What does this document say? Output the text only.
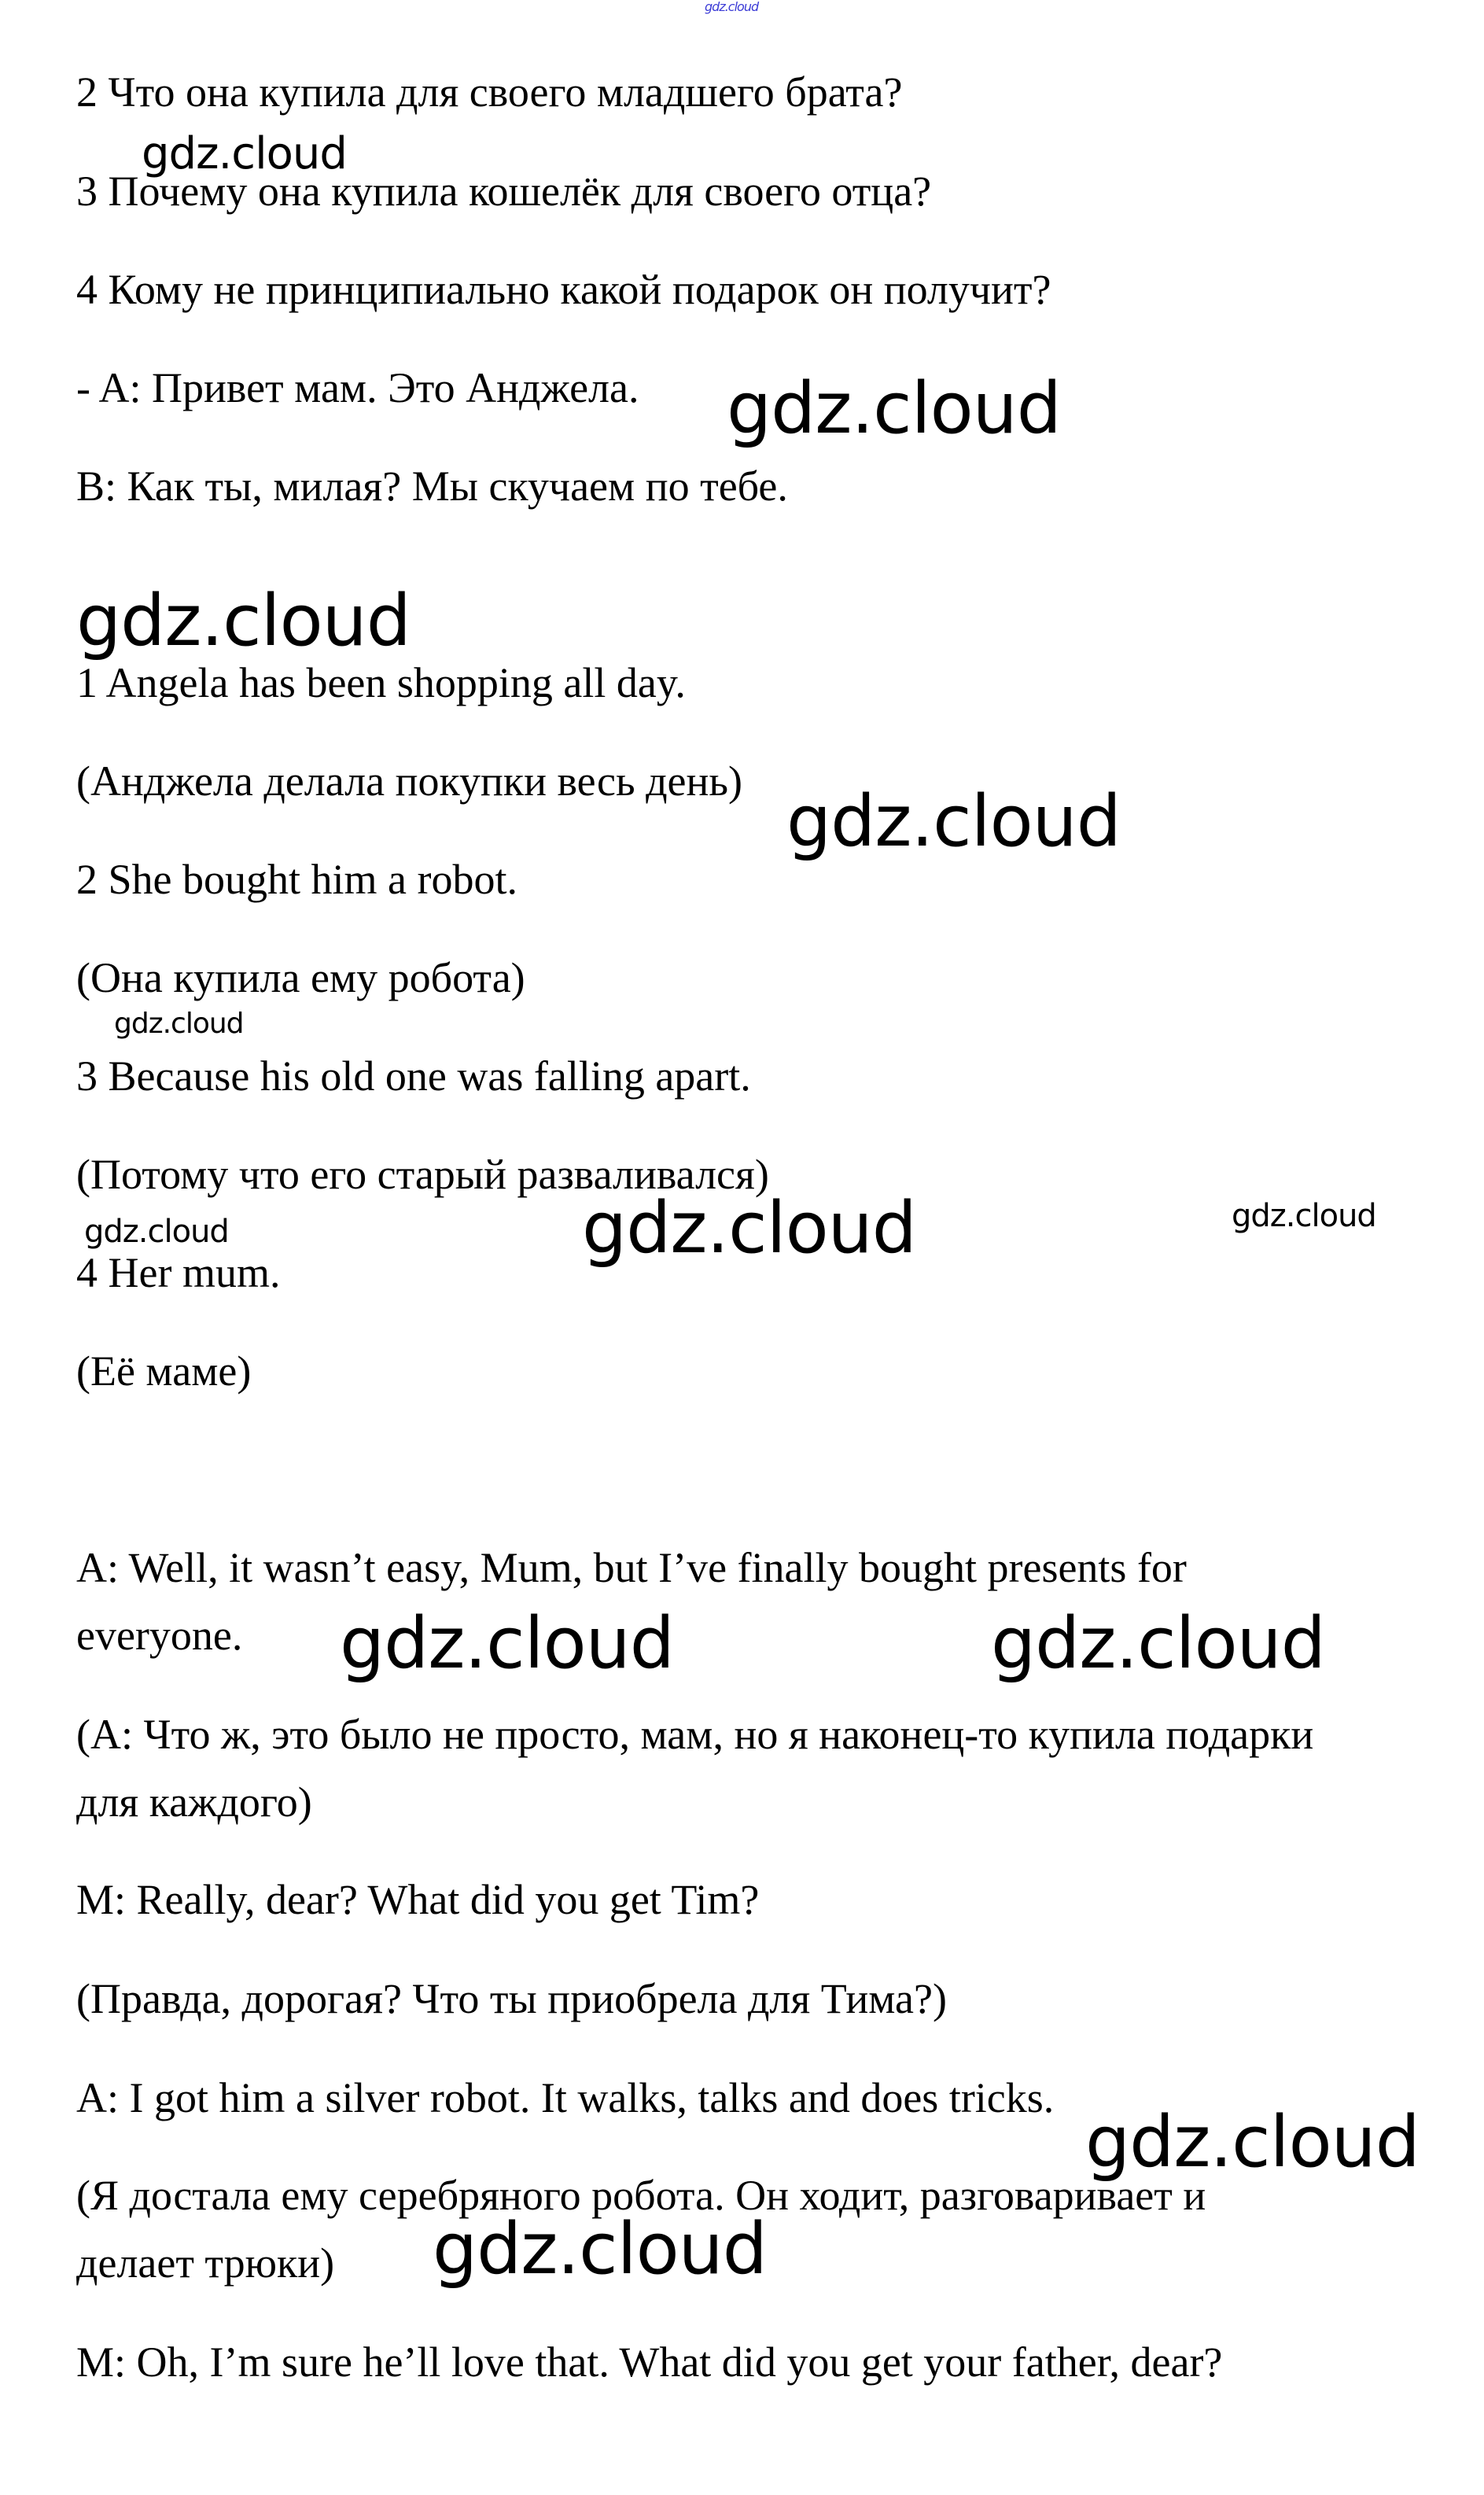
gdz.cloud

2 Что она купила для своего младшего брата?

3 Почему она купила кошелёк для своего отца?

4 Кому не принципиально какой подарок он получит?

- A: Привет мам. Это Анджела.

B: Как ты, милая? Мы скучаем по тебе.

1 Angela has been shopping all day.

(Анджела делала покупки весь день)

2 She bought him a robot.

(Она купила ему робота)

3 Because his old one was falling apart.

(Потому что его старый разваливался)

4 Her mum.

(Её маме)

A: Well, it wasn’t easy, Mum, but I’ve finally bought presents for

everyone.

(A: Что ж, это было не просто, мам, но я наконец-то купила подарки

для каждого)

M: Really, dear? What did you get Tim?

(Правда, дорогая? Что ты приобрела для Тима?)

A: I got him a silver robot. It walks, talks and does tricks.

(Я достала ему серебряного робота. Он ходит, разговаривает и

делает трюки)

M: Oh, I’m sure he’ll love that. What did you get your father, dear?

gdz.cloud
gdz.cloud
gdz.cloud
gdz.cloud
gdz.cloud
gdz.cloud	gdz.cloud	gdz.cloud
gdz.cloud	gdz.cloud
gdz.cloud
gdz.cloud
